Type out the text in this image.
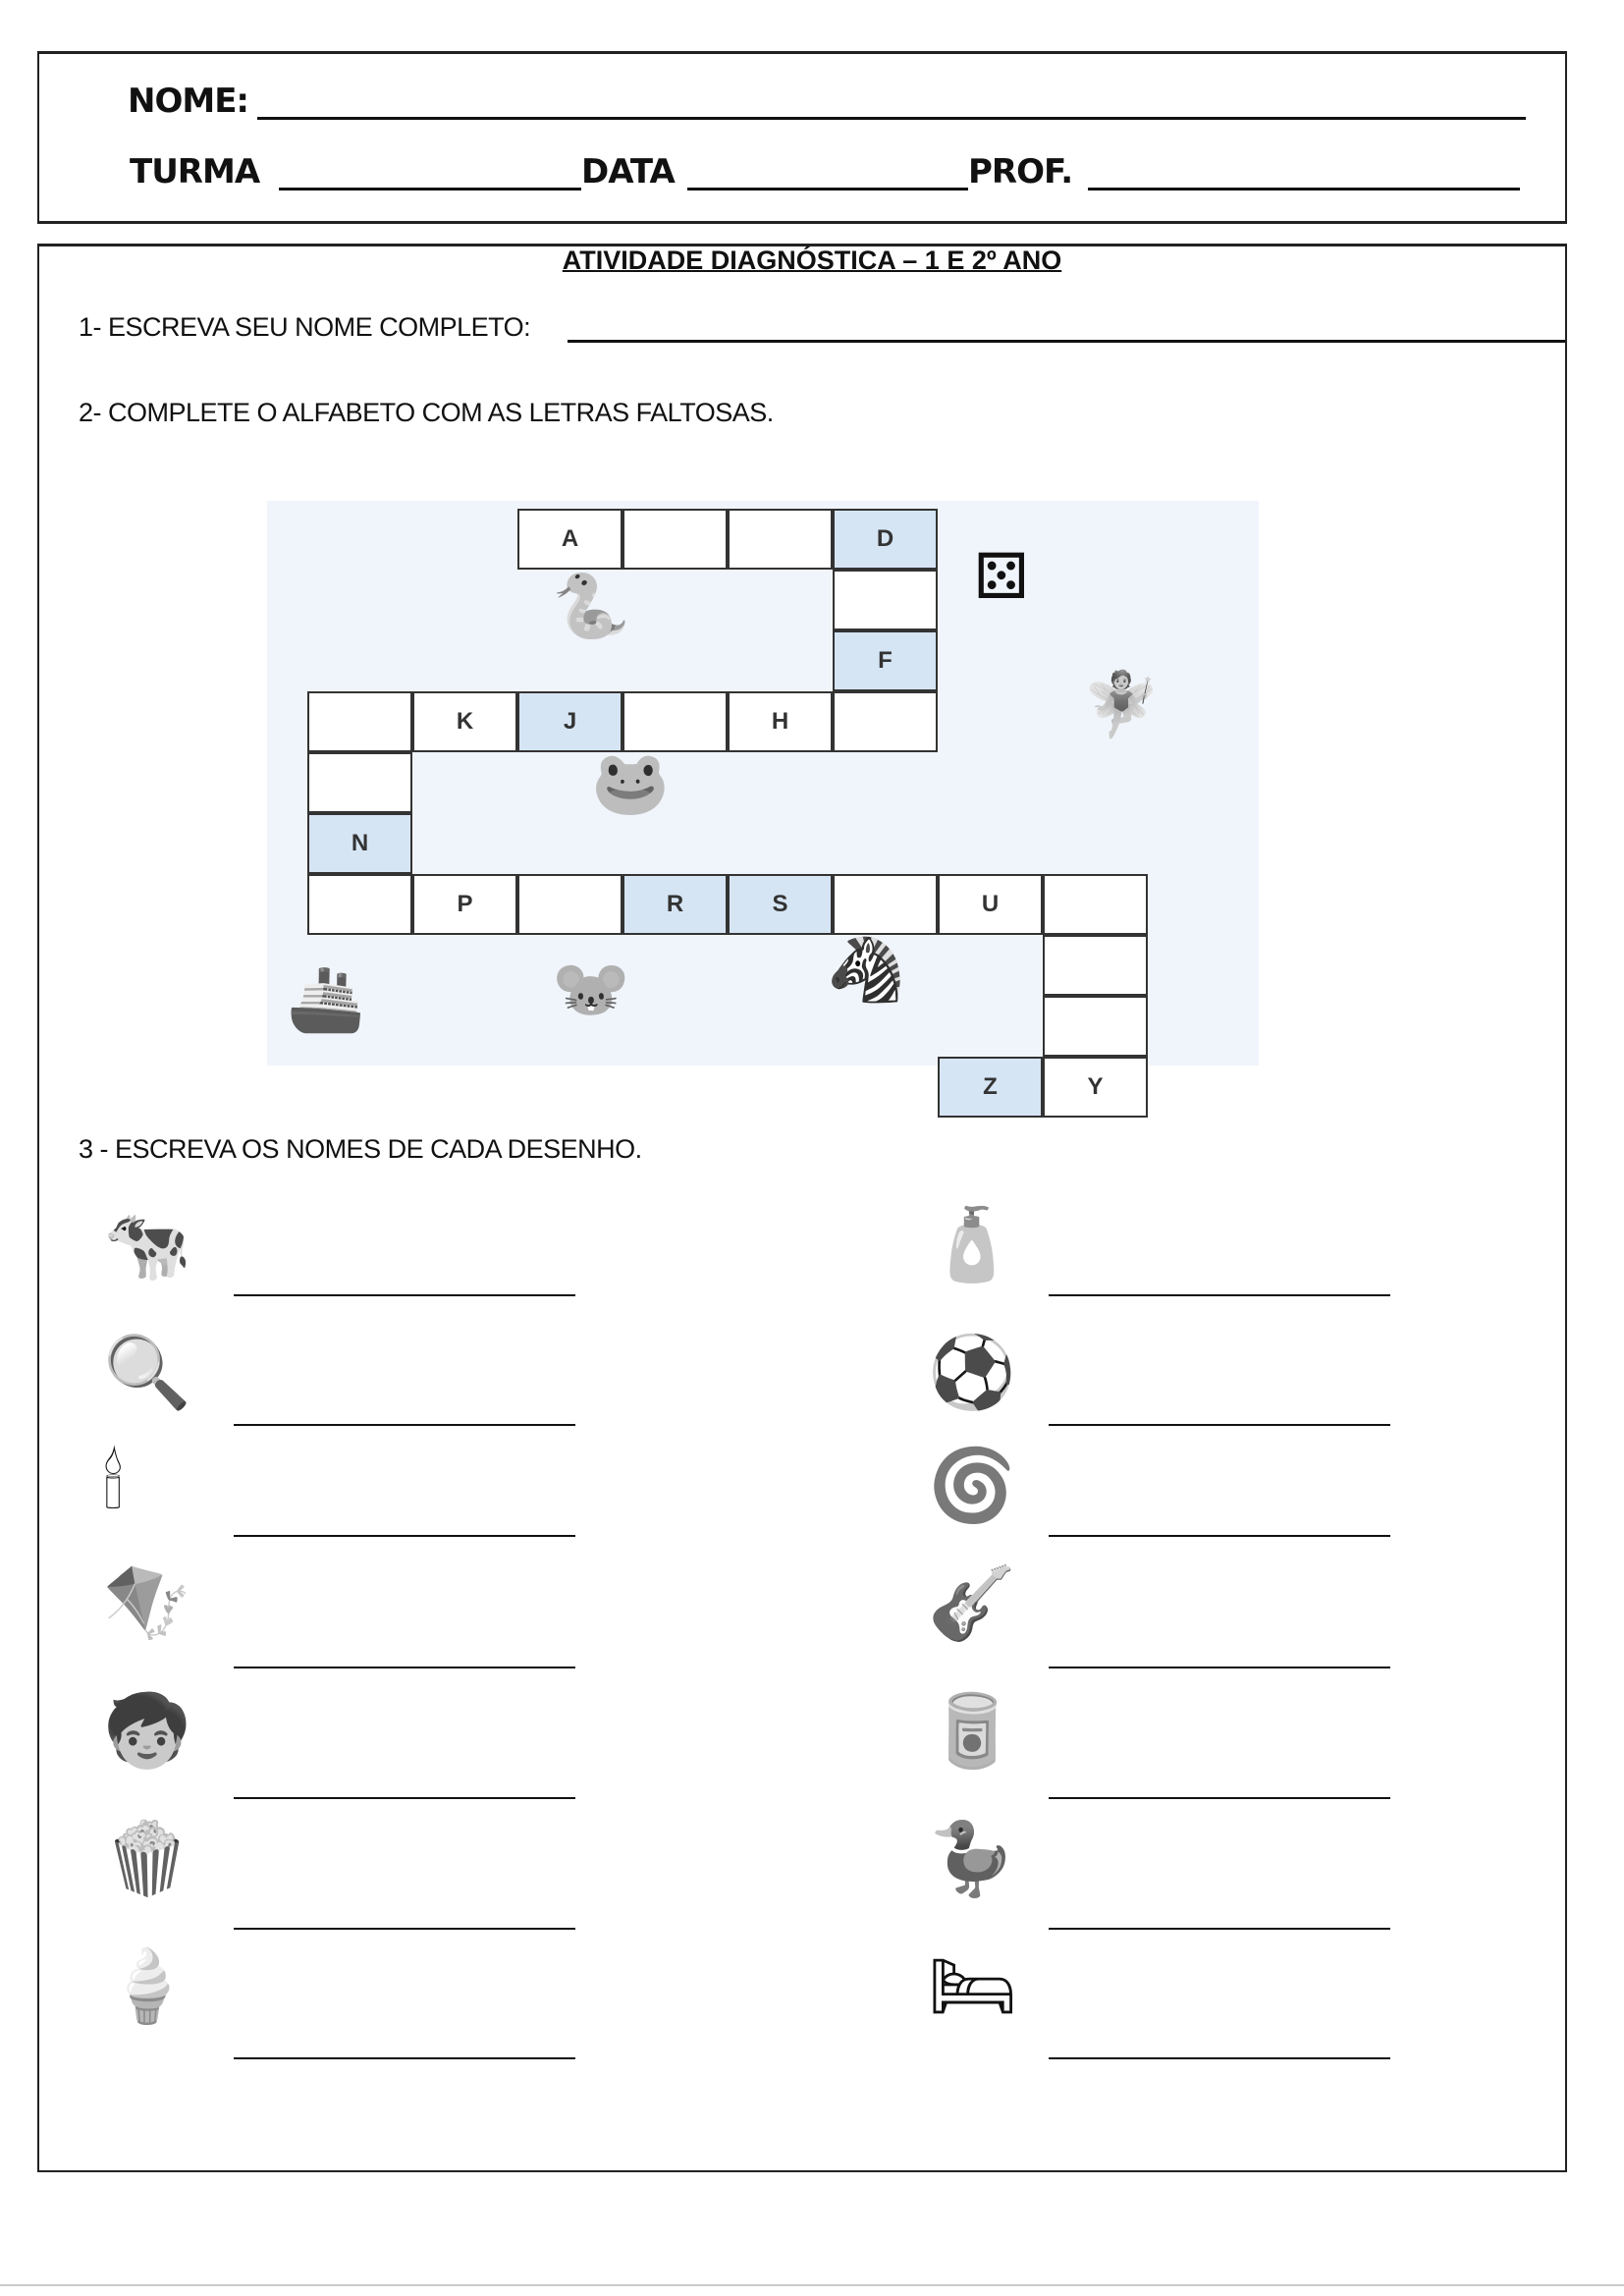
NOME:
TURMA	DATA	PROF.
ATIVIDADE DIAGNÓSTICA – 1 E 2º ANO
1- ESCREVA SEU NOME COMPLETO:
2- COMPLETE O ALFABETO COM AS LETRAS FALTOSAS.
A	D
F
H
J
K
N
P	R	S	U
Y
Z
⚄
🐍
🧚
🐸
🐭	🦓
🚢
3 - ESCREVA OS NOMES DE CADA DESENHO.
🐄
🔍
🕯
🪁
🧒
🍿
🍦
🧴
⚽
🌀
🎸
🥫
🦆
🛏
